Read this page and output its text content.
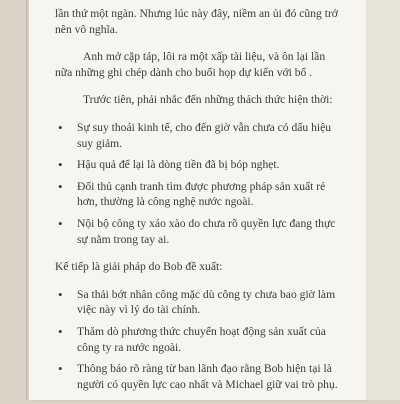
lần thứ một ngàn. Nhưng lúc này đây, niềm an ủi đó cũng trở nên vô nghĩa.

Anh mở cặp táp, lôi ra một xấp tài liệu, và ôn lại lần nữa những ghi chép dành cho buổi họp dự kiến với bố .

Trước tiên, phải nhắc đến những thách thức hiện thời:

• Sự suy thoái kinh tế, cho đến giờ vẫn chưa có dấu hiệu suy giảm.
• Hậu quả để lại là dòng tiền đã bị bóp nghẹt.
• Đối thủ cạnh tranh tìm được phương pháp sản xuất rẻ hơn, thường là công nghệ nước ngoài.
• Nội bộ công ty xáo xào do chưa rõ quyền lực đang thực sự nằm trong tay ai.

Kế tiếp là giải pháp do Bob đề xuất:

• Sa thải bớt nhân công mặc dù công ty chưa bao giờ làm việc này vì lý do tài chính.
• Thăm dò phương thức chuyển hoạt động sản xuất của công ty ra nước ngoài.
• Thông báo rõ ràng từ ban lãnh đạo rằng Bob hiện tại là người có quyền lực cao nhất và Michael giữ vai trò phụ.
